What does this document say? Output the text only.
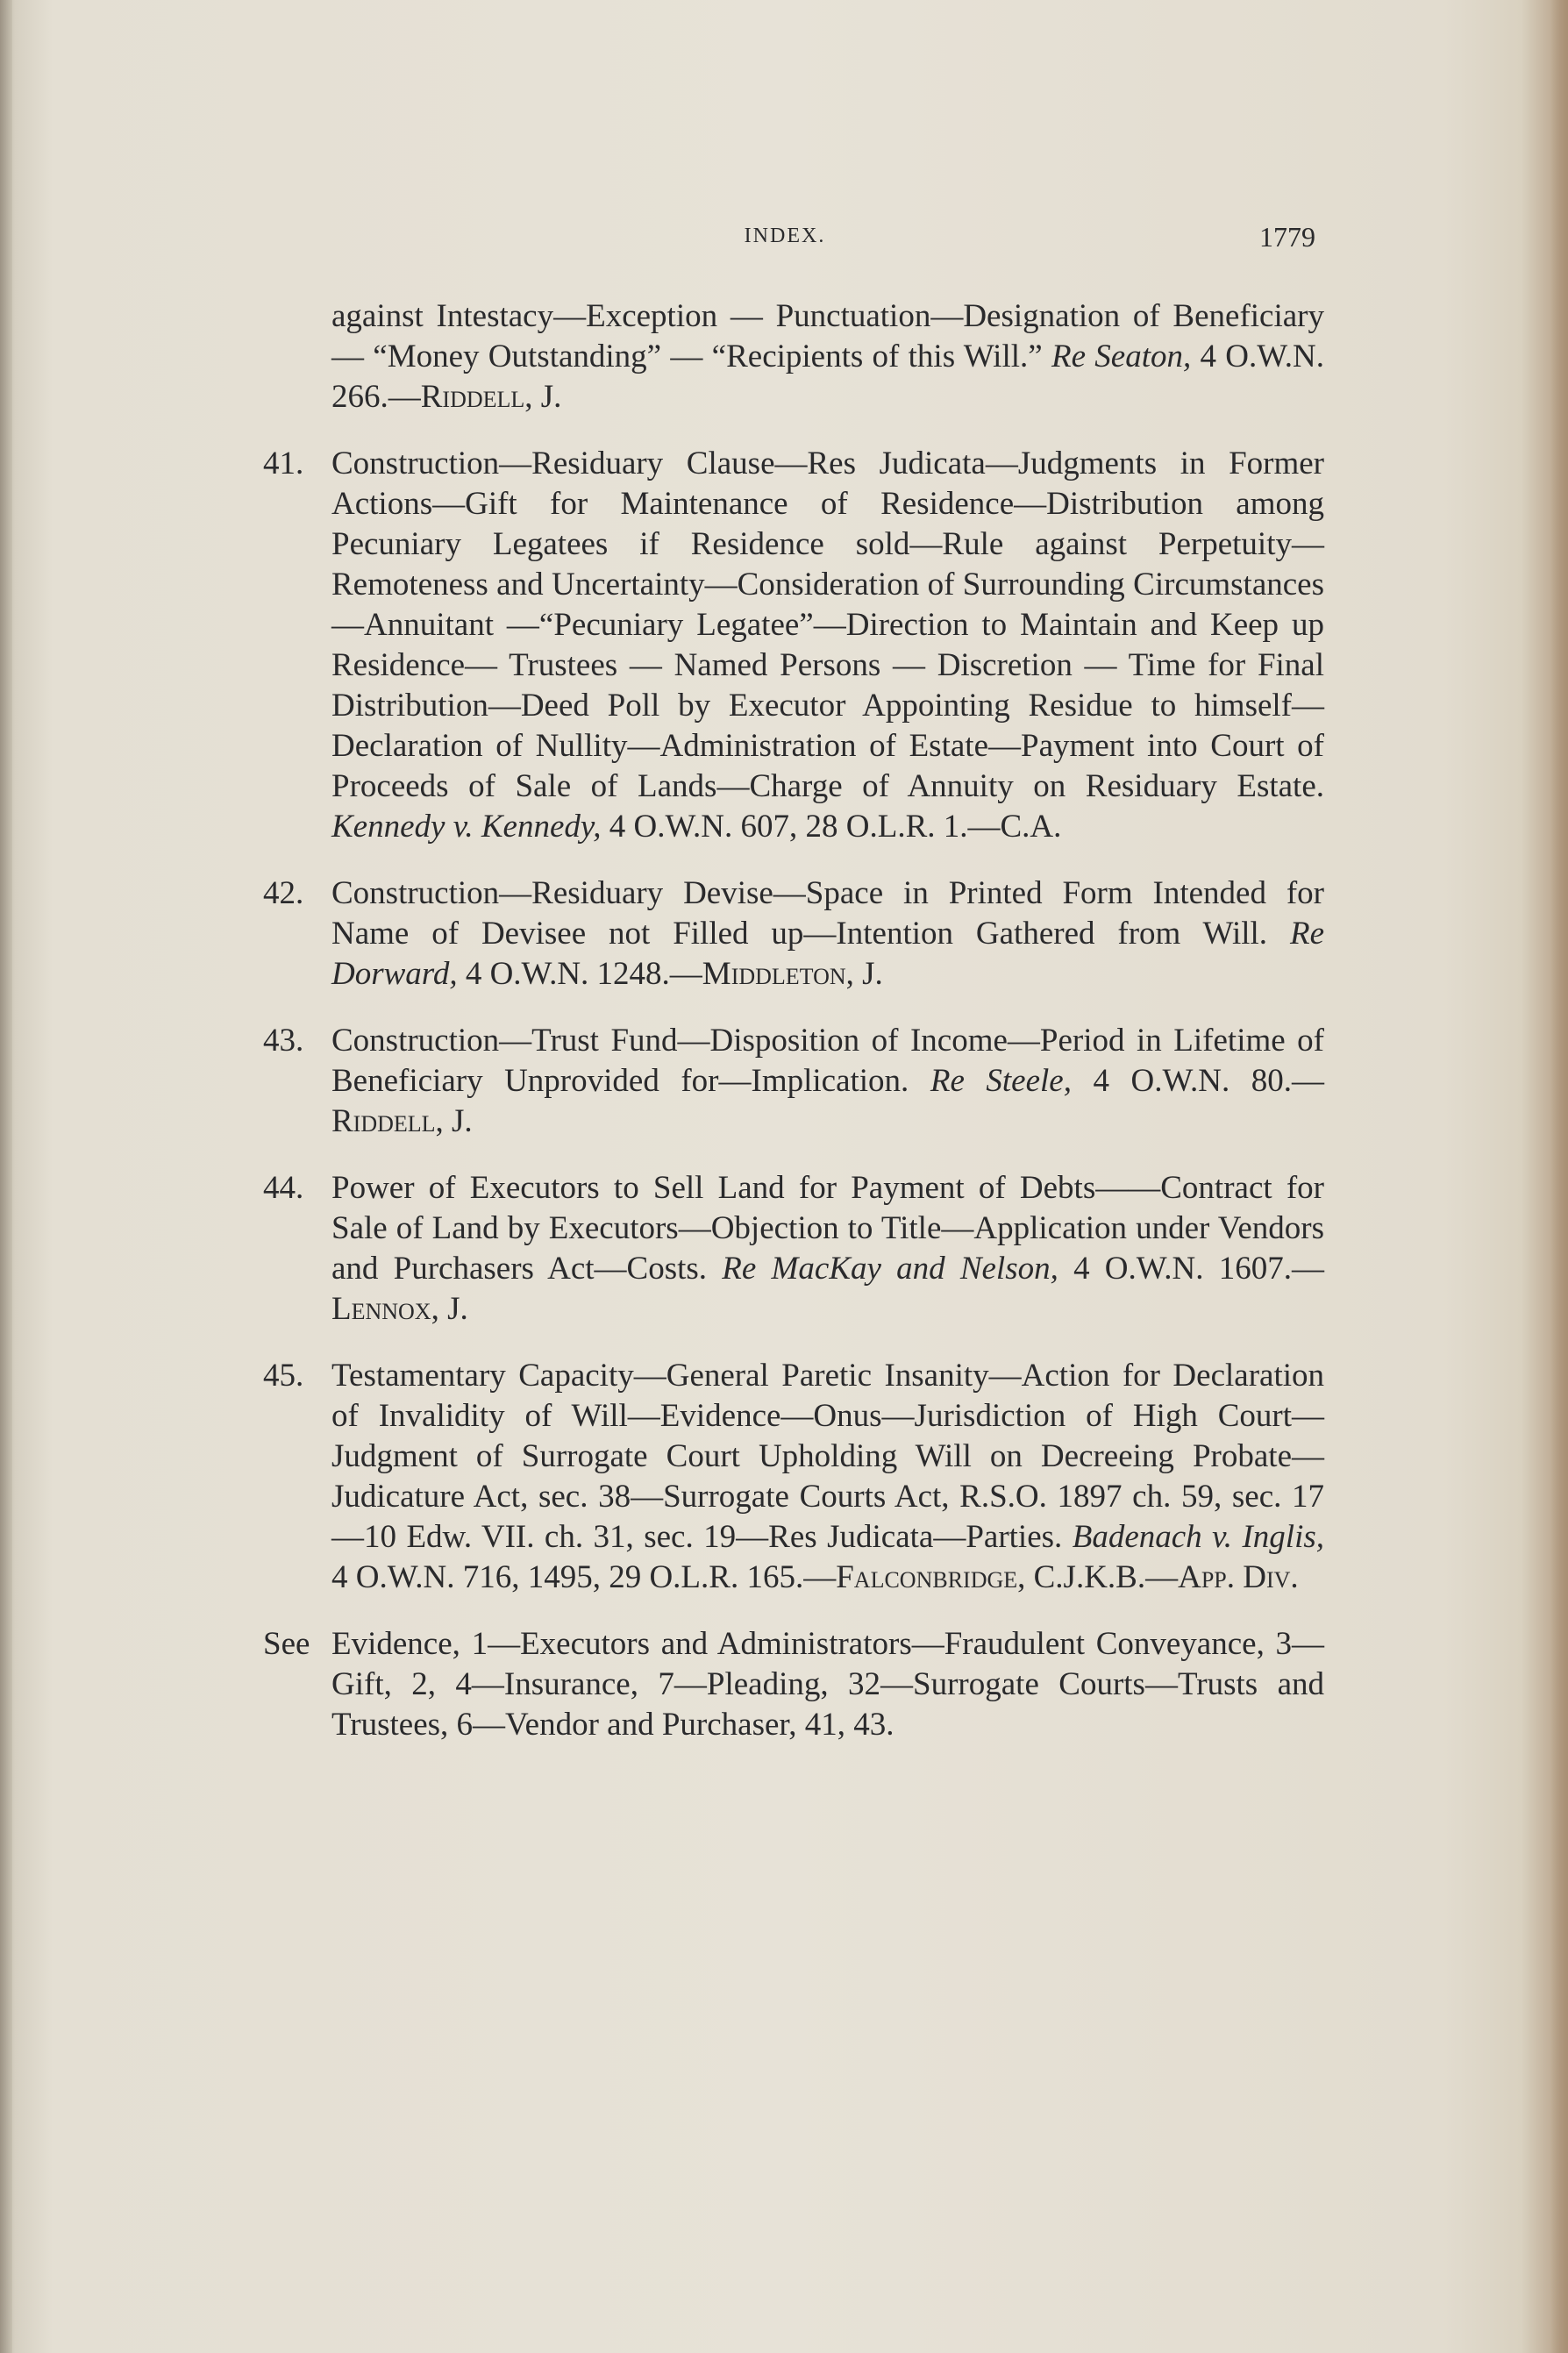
INDEX.	1779
against Intestacy—Exception — Punctuation—Designation of Beneficiary — “Money Outstanding” — “Recipients of this Will.” Re Seaton, 4 O.W.N. 266.—Riddell, J.
41. Construction—Residuary Clause—Res Judicata—Judgments in Former Actions—Gift for Maintenance of Residence—Distribution among Pecuniary Legatees if Residence sold—Rule against Perpetuity—Remoteness and Uncertainty—Consideration of Surrounding Circumstances—Annuitant —“Pecuniary Legatee”—Direction to Maintain and Keep up Residence— Trustees — Named Persons — Discretion — Time for Final Distribution—Deed Poll by Executor Appointing Residue to himself—Declaration of Nullity—Administration of Estate—Payment into Court of Proceeds of Sale of Lands—Charge of Annuity on Residuary Estate. Kennedy v. Kennedy, 4 O.W.N. 607, 28 O.L.R. 1.—C.A.
42. Construction—Residuary Devise—Space in Printed Form Intended for Name of Devisee not Filled up—Intention Gathered from Will. Re Dorward, 4 O.W.N. 1248.—Middleton, J.
43. Construction—Trust Fund—Disposition of Income—Period in Lifetime of Beneficiary Unprovided for—Implication. Re Steele, 4 O.W.N. 80.—Riddell, J.
44. Power of Executors to Sell Land for Payment of Debts——Contract for Sale of Land by Executors—Objection to Title—Application under Vendors and Purchasers Act—Costs. Re MacKay and Nelson, 4 O.W.N. 1607.—Lennox, J.
45. Testamentary Capacity—General Paretic Insanity—Action for Declaration of Invalidity of Will—Evidence—Onus—Jurisdiction of High Court—Judgment of Surrogate Court Upholding Will on Decreeing Probate—Judicature Act, sec. 38—Surrogate Courts Act, R.S.O. 1897 ch. 59, sec. 17—10 Edw. VII. ch. 31, sec. 19—Res Judicata—Parties. Badenach v. Inglis, 4 O.W.N. 716, 1495, 29 O.L.R. 165.—Falconbridge, C.J.K.B.—App. Div.
See Evidence, 1—Executors and Administrators—Fraudulent Conveyance, 3—Gift, 2, 4—Insurance, 7—Pleading, 32—Surrogate Courts—Trusts and Trustees, 6—Vendor and Purchaser, 41, 43.
